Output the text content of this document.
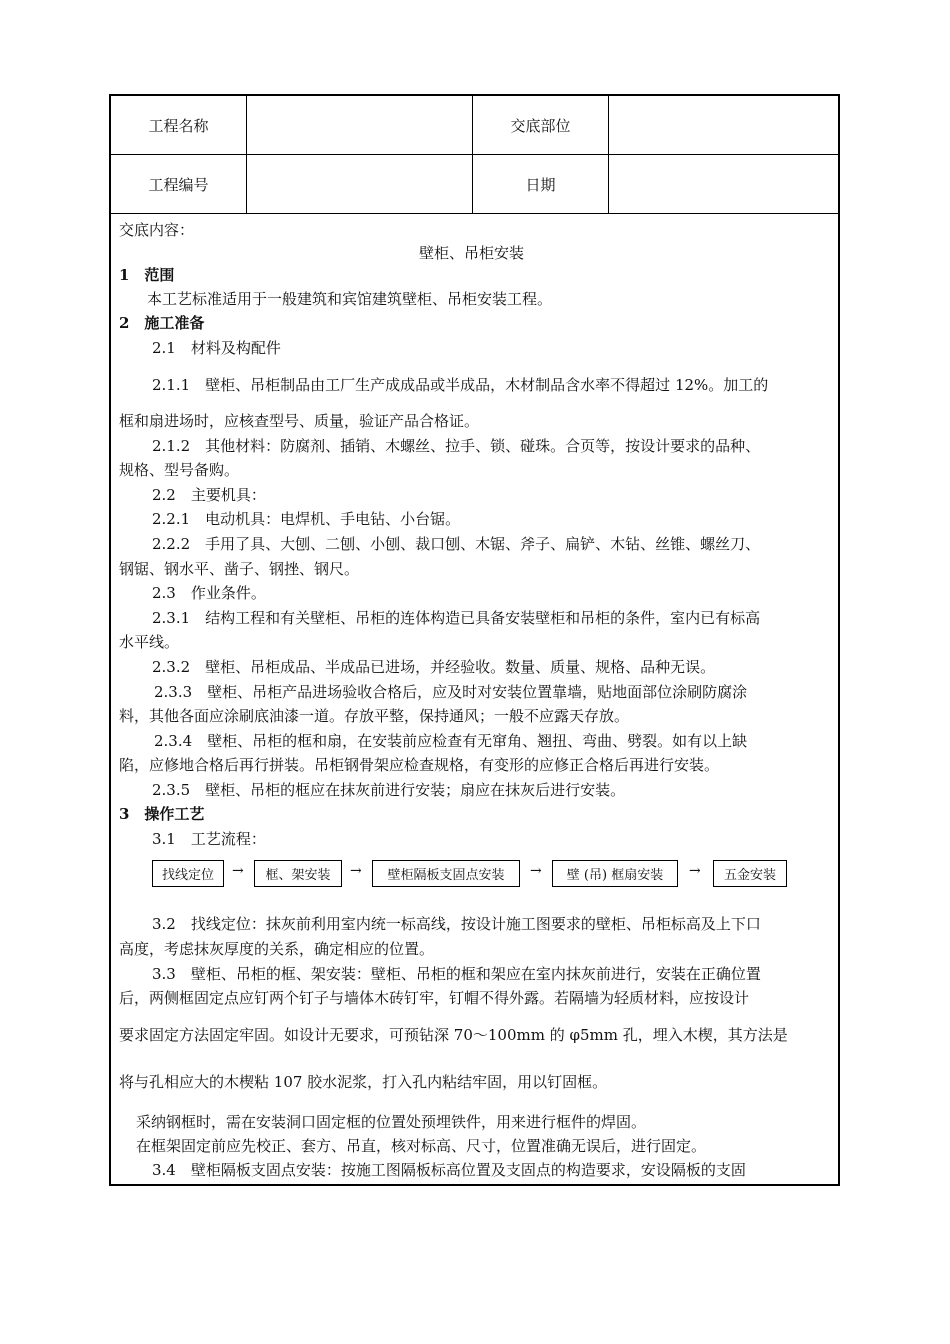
工程名称	交底部位
工程编号	日期
交底内容：
壁柜、吊柜安装
1　范围
本工艺标准适用于一般建筑和宾馆建筑壁柜、吊柜安装工程。
2　施工准备
2.1　材料及构配件
2.1.1　壁柜、吊柜制品由工厂生产成成品或半成品，木材制品含水率不得超过 12%。加工的
框和扇进场时，应核查型号、质量，验证产品合格证。
2.1.2　其他材料：防腐剂、插销、木螺丝、拉手、锁、碰珠。合页等，按设计要求的品种、
规格、型号备购。
2.2　主要机具：
2.2.1　电动机具：电焊机、手电钻、小台锯。
2.2.2　手用了具、大刨、二刨、小刨、裁口刨、木锯、斧子、扁铲、木钻、丝锥、螺丝刀、
钢锯、钢水平、凿子、钢挫、钢尺。
2.3　作业条件。
2.3.1　结构工程和有关壁柜、吊柜的连体构造已具备安装壁柜和吊柜的条件，室内已有标高
水平线。
2.3.2　壁柜、吊柜成品、半成品已进场，并经验收。数量、质量、规格、品种无误。
2.3.3　壁柜、吊柜产品进场验收合格后，应及时对安装位置靠墙，贴地面部位涂刷防腐涂
料，其他各面应涂刷底油漆一道。存放平整，保持通风；一般不应露天存放。
2.3.4　壁柜、吊柜的框和扇，在安装前应检查有无窜角、翘扭、弯曲、劈裂。如有以上缺
陷，应修地合格后再行拼装。吊柜钢骨架应检查规格，有变形的应修正合格后再进行安装。
2.3.5　壁柜、吊柜的框应在抹灰前进行安装；扇应在抹灰后进行安装。
3　操作工艺
3.1　工艺流程：
找线定位	→	框、架安装	→	壁柜隔板支固点安装	→	壁 (吊) 框扇安装	→	五金安装
3.2　找线定位：抹灰前利用室内统一标高线，按设计施工图要求的壁柜、吊柜标高及上下口
高度，考虑抹灰厚度的关系，确定相应的位置。
3.3　壁柜、吊柜的框、架安装：壁柜、吊柜的框和架应在室内抹灰前进行，安装在正确位置
后，两侧框固定点应钉两个钉子与墙体木砖钉牢，钉帽不得外露。若隔墙为轻质材料，应按设计
要求固定方法固定牢固。如设计无要求，可预钻深 70～100mm 的 φ5mm 孔，埋入木楔，其方法是
将与孔相应大的木楔粘 107 胶水泥浆，打入孔内粘结牢固，用以钉固框。
采纳钢框时，需在安装洞口固定框的位置处预埋铁件，用来进行框件的焊固。
在框架固定前应先校正、套方、吊直，核对标高、尺寸，位置准确无误后，进行固定。
3.4　壁柜隔板支固点安装：按施工图隔板标高位置及支固点的构造要求，安设隔板的支固
